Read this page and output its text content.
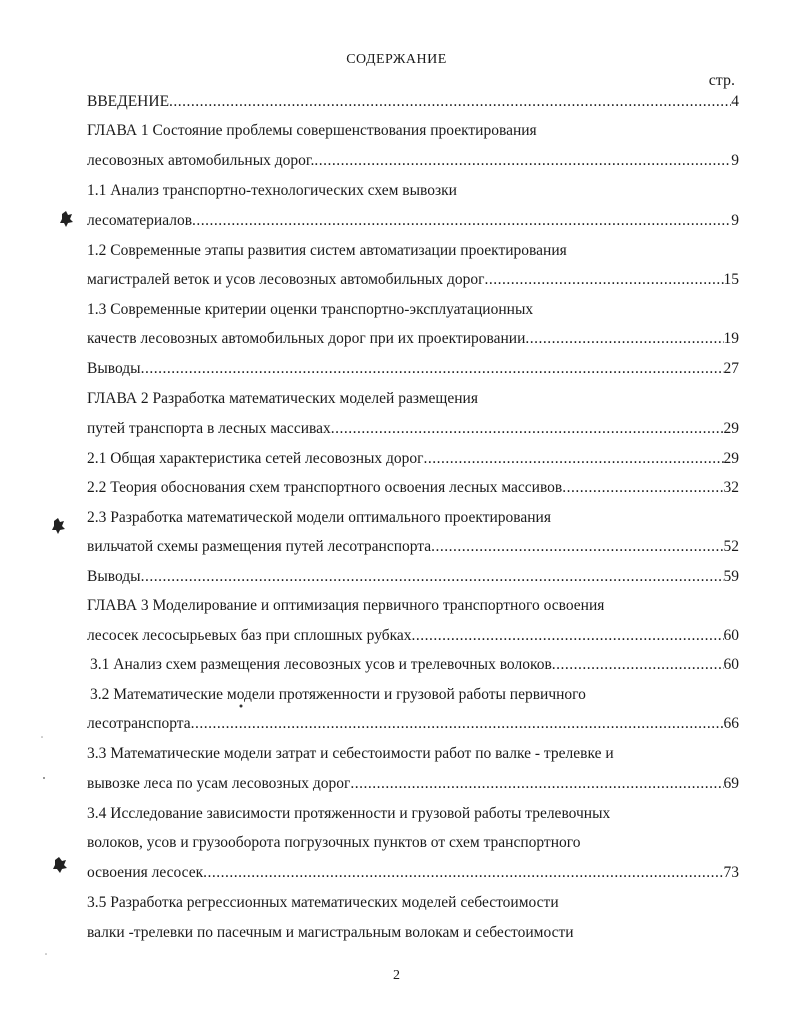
СОДЕРЖАНИЕ
стр.
ВВЕДЕНИЕ .....	4
ГЛАВА 1 Состояние проблемы совершенствования проектирования
лесовозных автомобильных дорог. .....	9
1.1 Анализ транспортно-технологических схем вывозки
лесоматериалов .....	9
1.2 Современные этапы развития систем автоматизации проектирования
магистралей веток и усов лесовозных автомобильных дорог .....	15
1.3 Современные критерии оценки транспортно-эксплуатационных
качеств лесовозных автомобильных дорог при их проектировании .....	19
Выводы .....	27
ГЛАВА 2 Разработка математических моделей размещения
путей транспорта в лесных массивах .....	29
2.1 Общая характеристика сетей лесовозных дорог .....	29
2.2 Теория обоснования схем транспортного освоения лесных массивов .....	32
2.3 Разработка математической модели оптимального проектирования
вильчатой схемы размещения путей лесотранспорта .....	52
Выводы .....	59
ГЛАВА 3 Моделирование и оптимизация первичного транспортного освоения
лесосек лесосырьевых баз при сплошных рубках .....	60
3.1 Анализ схем размещения лесовозных усов и трелевочных волоков .....	60
3.2 Математические модели протяженности и грузовой работы первичного
лесотранспорта .....	66
3.3 Математические модели затрат и себестоимости работ по валке - трелевке и
вывозке леса по усам лесовозных дорог .....	69
3.4 Исследование зависимости протяженности и грузовой работы трелевочных
волоков, усов и грузооборота погрузочных пунктов от схем транспортного
освоения лесосек .....	73
3.5 Разработка регрессионных математических моделей себестоимости
валки -трелевки по пасечным и магистральным волокам и себестоимости
2
